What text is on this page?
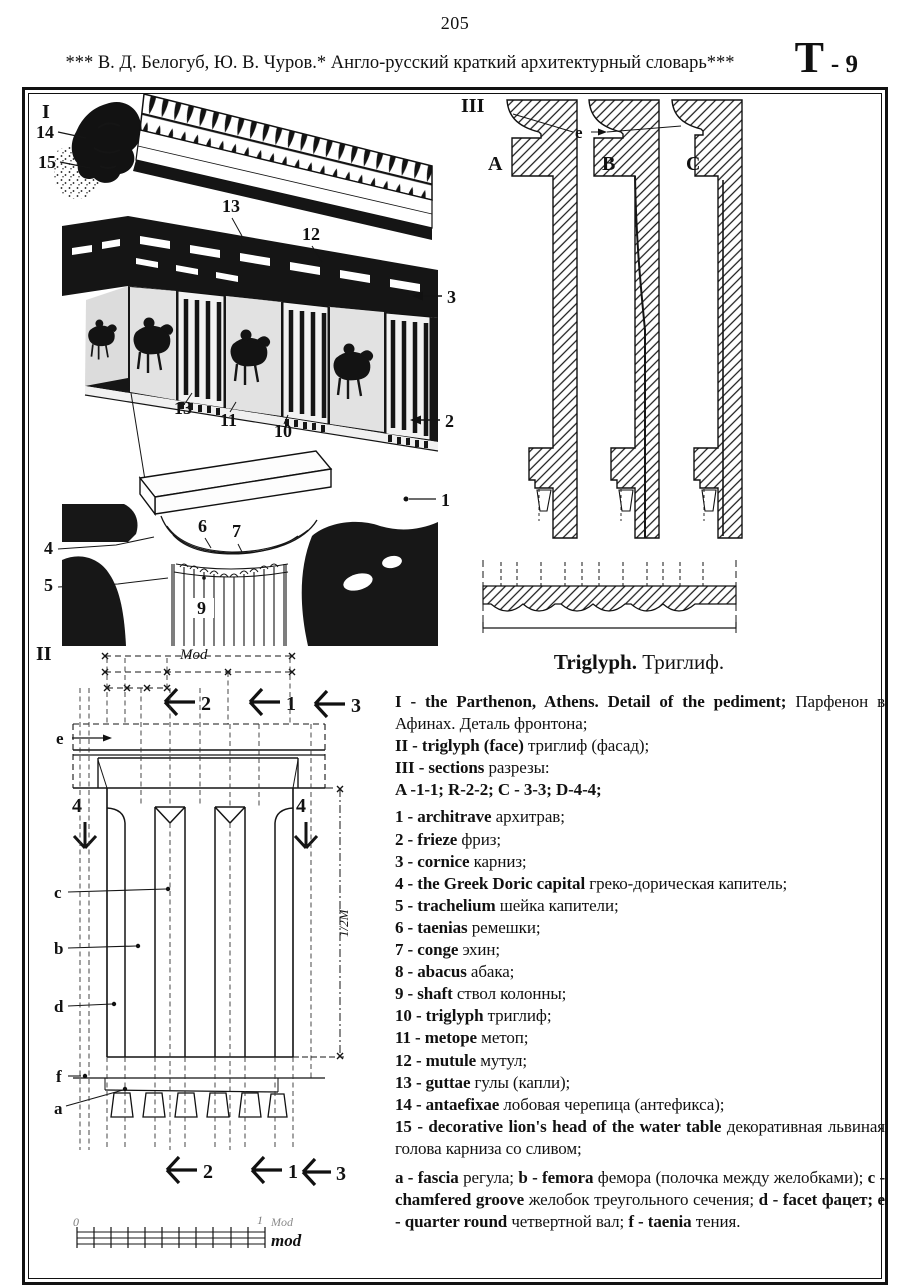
205
*** В. Д. Белогуб, Ю. В. Чуров.* Англо-русский краткий архитектурный словарь***	Т - 9
I
14
15
13
12
3
13
11
10	2
1
6 7
4
5
9
III
e
A	B	C
II	Mod
2	1	3
e
4	4
c
b
d
f
a
1/2M
2	1 3
0	1 Mod
mod
Triglyph. Триглиф.
I - the Parthenon, Athens. Detail of the pediment; Парфенон в Афинах. Деталь фронтона;
II - triglyph (face) триглиф (фасад);
III - sections разрезы:
A -1-1; R-2-2; C - 3-3; D-4-4;
1 - architrave архитрав;
2 - frieze фриз;
3 - cornice карниз;
4 - the Greek Doric capital греко-дорическая капитель;
5 - trachelium шейка капители;
6 - taenias ремешки;
7 - conge эхин;
8 - abacus абака;
9 - shaft ствол колонны;
10 - triglyph триглиф;
11 - metope метоп;
12 - mutule мутул;
13 - guttae гулы (капли);
14 - antaefixae лобовая черепица (антефикса);
15 - decorative lion's head of the water table декоративная львиная голова карниза со сливом;
a - fascia регула; b - femora фемора (полочка между желобками); c - chamfered groove желобок треугольного сечения; d - facet фацет; e - quarter round четвертной вал; f - taenia тения.
